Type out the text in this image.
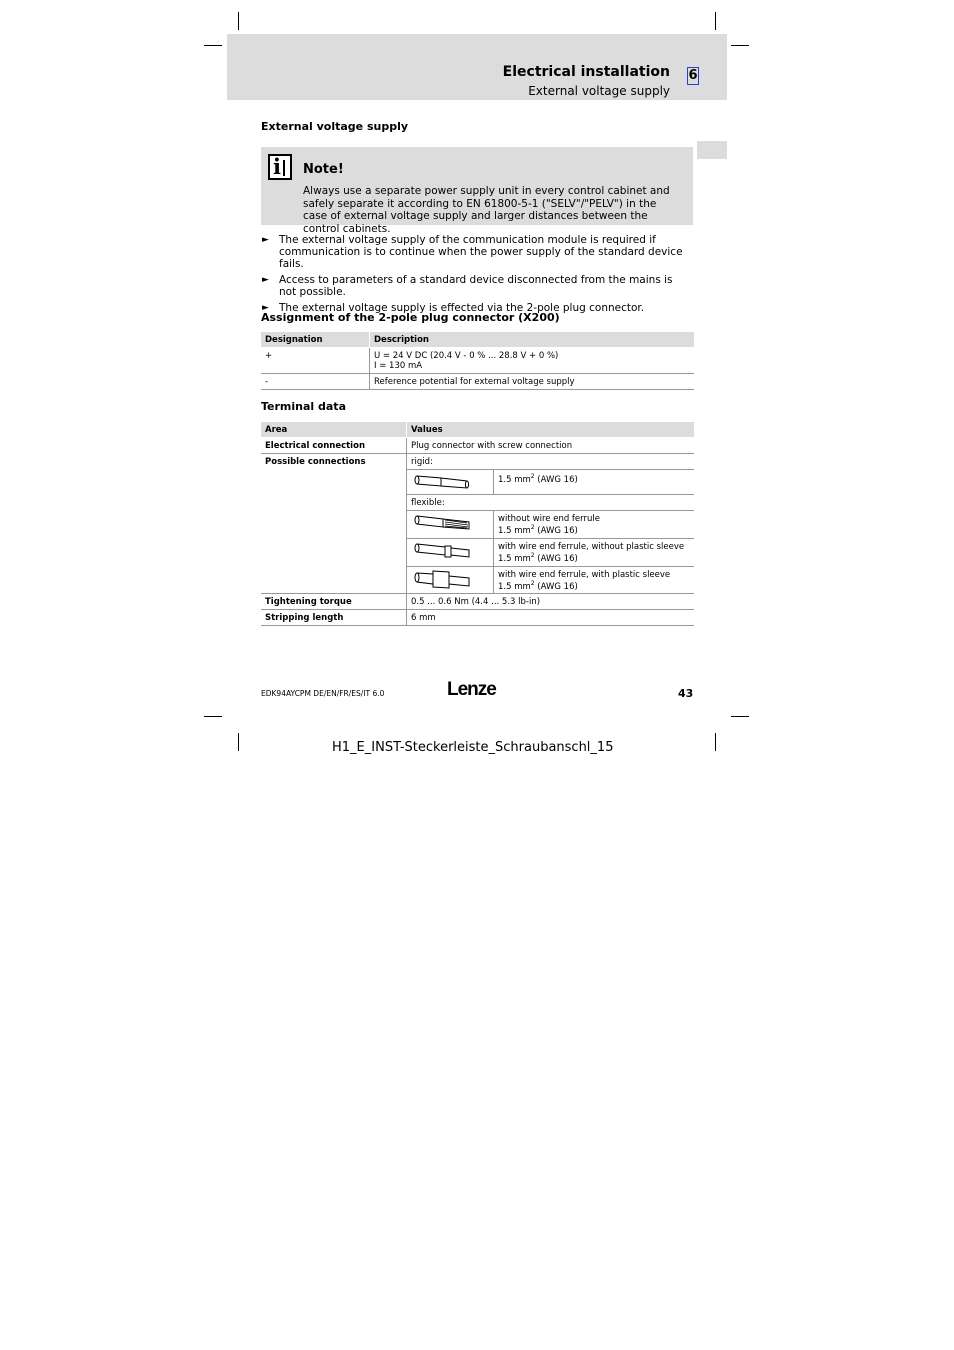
Electrical installation
External voltage supply
6
External voltage supply
i Note!
Always use a separate power supply unit in every control cabinet and safely separate it according to EN 61800-5-1 ("SELV"/"PELV") in the case of external voltage supply and larger distances between the control cabinets.
► The external voltage supply of the communication module is required if communication is to continue when the power supply of the standard device fails.
► Access to parameters of a standard device disconnected from the mains is not possible.
► The external voltage supply is effected via the 2-pole plug connector.
Assignment of the 2-pole plug connector (X200)
Designation	Description
+	U = 24 V DC (20.4 V - 0 % ... 28.8 V + 0 %)
I = 130 mA

-	Reference potential for external voltage supply
Terminal data
Area	Values	
Electrical connection	Plug connector with screw connection	
Possible connections	rigid:	

	1.5 $mm^2$ (AWG 16)
	flexible:	

without wire end ferrule
1.5 $mm^2$ (AWG 16)

with wire end ferrule, without plastic sleeve
1.5 $mm^2$ (AWG 16)

with wire end ferrule, with plastic sleeve
1.5 $mm^2$ (AWG 16)

Tightening torque	0.5 ... 0.6 Nm (4.4 ... 5.3 lb-in)	
Stripping length	6 mm	
EDK94AYCPM DE/EN/FR/ES/IT 6.0	Lenze	43
H1_E_INST-Steckerleiste_Schraubanschl_15
